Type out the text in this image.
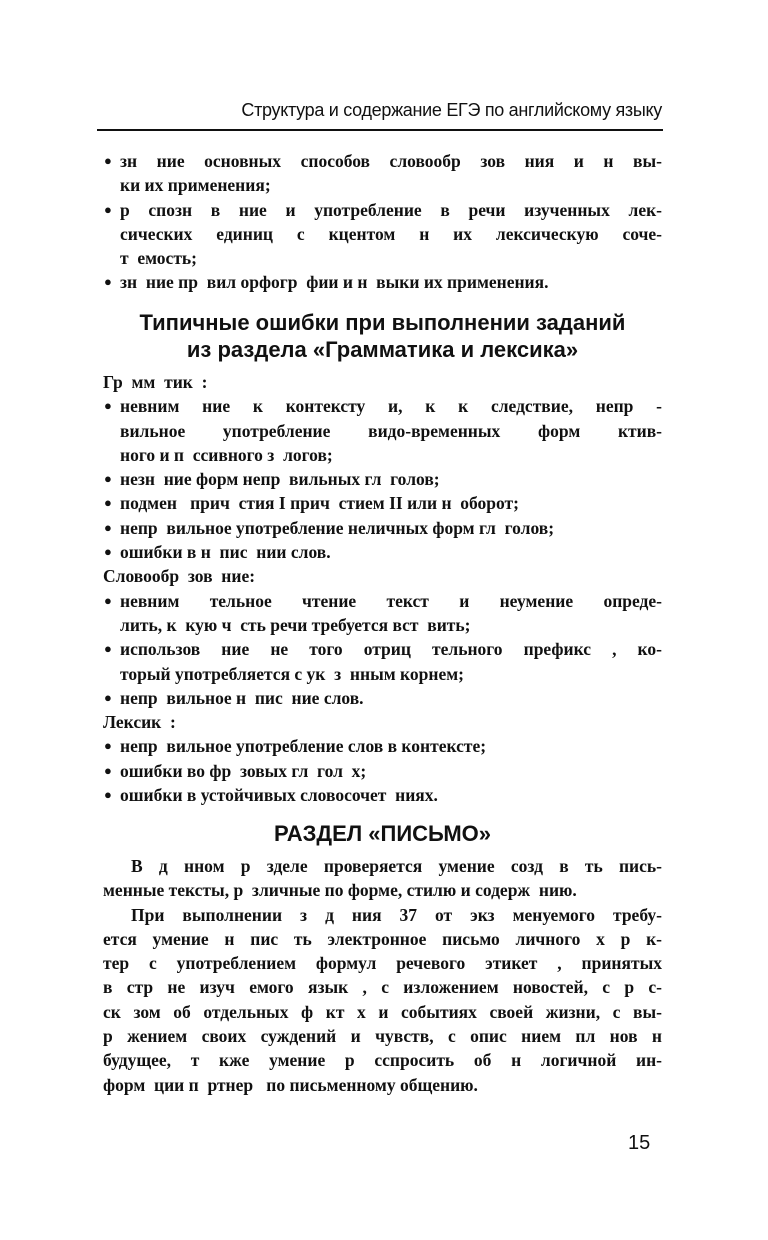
Структура и содержание ЕГЭ по английскому языку
● зн ние основных способов словообр зов ния и н вы-
ки их применения;
● р спозн в ние и употребление в речи изученных лек-
сических единиц с кцентом н их лексическую соче-
т  емость;
● зн  ние пр  вил орфогр  фии и н  выки их применения.
Типичные ошибки при выполнении заданий
из раздела «Грамматика и лексика»
Гр  мм  тик  :
● невним ние к контексту и, к к следствие, непр -
вильное употребление видо-временных форм ктив-
ного и п  ссивного з  логов;
● незн  ние форм непр  вильных гл  голов;
● подмен   прич  стия I прич  стием II или н  оборот;
● непр  вильное употребление неличных форм гл  голов;
● ошибки в н  пис  нии слов.
Словообр  зов  ние:
● невним тельное чтение текст и неумение опреде-
лить, к  кую ч  сть речи требуется вст  вить;
● использов ние не того отриц тельного префикс , ко-
торый употребляется с ук  з  нным корнем;
● непр  вильное н  пис  ние слов.
Лексик  :
● непр  вильное употребление слов в контексте;
● ошибки во фр  зовых гл  гол  х;
● ошибки в устойчивых словосочет  ниях.
РАЗДЕЛ «ПИСЬМО»
В д нном р зделе проверяется умение созд в ть пись-
менные тексты, р  зличные по форме, стилю и содерж  нию.
При выполнении з д ния 37 от экз менуемого требу-
ется умение н пис ть электронное письмо личного х р к-
тер с употреблением формул речевого этикет , принятых
в стр не изуч емого язык , с изложением новостей, с р с-
ск зом об отдельных ф кт х и событиях своей жизни, с вы-
р жением своих суждений и чувств, с опис нием пл нов н
будущее, т кже умение р сспросить об н логичной ин-
форм  ции п  ртнер   по письменному общению.
15
